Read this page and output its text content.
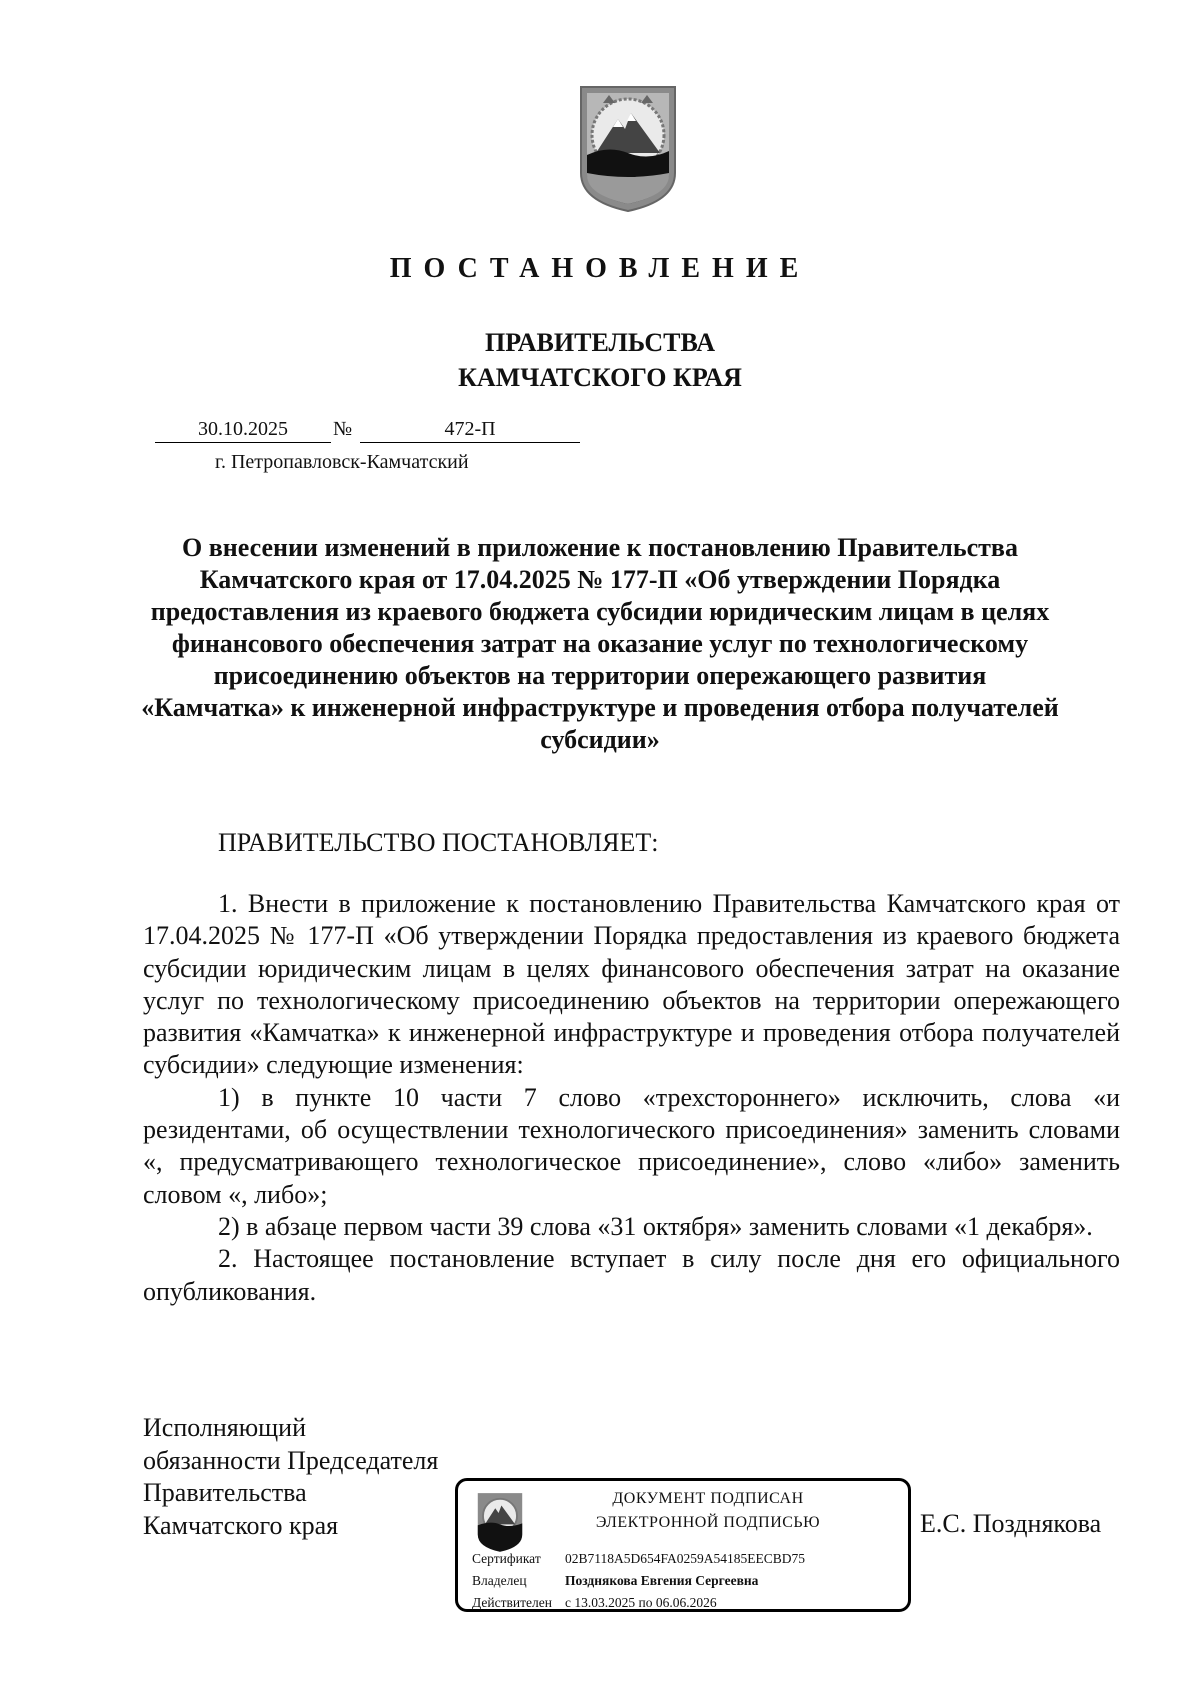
ПОСТАНОВЛЕНИЕ
ПРАВИТЕЛЬСТВА
КАМЧАТСКОГО КРАЯ
30.10.2025	№	472-П
г. Петропавловск-Камчатский
О внесении изменений в приложение к постановлению Правительства Камчатского края от 17.04.2025 № 177-П «Об утверждении Порядка предоставления из краевого бюджета субсидии юридическим лицам в целях финансового обеспечения затрат на оказание услуг по технологическому присоединению объектов на территории опережающего развития «Камчатка» к инженерной инфраструктуре и проведения отбора получателей субсидии»
ПРАВИТЕЛЬСТВО ПОСТАНОВЛЯЕТ:

1. Внести в приложение к постановлению Правительства Камчатского края от 17.04.2025 № 177-П «Об утверждении Порядка предоставления из краевого бюджета субсидии юридическим лицам в целях финансового обеспечения затрат на оказание услуг по технологическому присоединению объектов на территории опережающего развития «Камчатка» к инженерной инфраструктуре и проведения отбора получателей субсидии» следующие изменения:

1) в пункте 10 части 7 слово «трехстороннего» исключить, слова «и резидентами, об осуществлении технологического присоединения» заменить словами «, предусматривающего технологическое присоединение», слово «либо» заменить словом «, либо»;

2) в абзаце первом части 39 слова «31 октября» заменить словами «1 декабря».

2. Настоящее постановление вступает в силу после дня его официального опубликования.

Исполняющий
обязанности Председателя
Правительства
Камчатского края	Е.С. Позднякова
ДОКУМЕНТ ПОДПИСАН
ЭЛЕКТРОННОЙ ПОДПИСЬЮ
Сертификат 02B7118A5D654FA0259A54185EECBD75
Владелец	Позднякова Евгения Сергеевна
Действителен с 13.03.2025 по 06.06.2026
